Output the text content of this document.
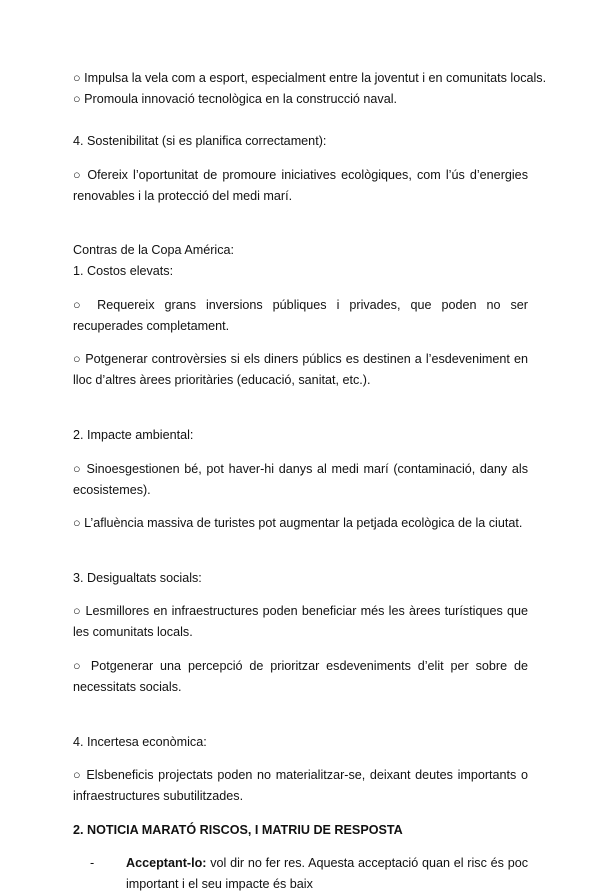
○ Impulsa la vela com a esport, especialment entre la joventut i en comunitats locals.

○ Promoula innovació tecnològica en la construcció naval.

4. Sostenibilitat (si es planifica correctament):

○ Ofereix l’oportunitat de promoure iniciatives ecològiques, com l’ús d’energies renovables i la protecció del medi marí.

Contras de la Copa América:

1. Costos elevats:

○ Requereix grans inversions públiques i privades, que poden no ser recuperades completament.

○ Potgenerar controvèrsies si els diners públics es destinen a l’esdeveniment en lloc d’altres àrees prioritàries (educació, sanitat, etc.).

2. Impacte ambiental:

○ Sinoesgestionen bé, pot haver-hi danys al medi marí (contaminació, dany als ecosistemes).

○ L’afluència massiva de turistes pot augmentar la petjada ecològica de la ciutat.

3. Desigualtats socials:

○ Lesmillores en infraestructures poden beneficiar més les àrees turístiques que les comunitats locals.

○ Potgenerar una percepció de prioritzar esdeveniments d’elit per sobre de necessitats socials.

4. Incertesa econòmica:

○ Elsbeneficis projectats poden no materialitzar-se, deixant deutes importants o infraestructures subutilitzades.

2. NOTICIA MARATÓ RISCOS, I MATRIU DE RESPOSTA

-	Acceptant-lo: vol dir no fer res. Aquesta acceptació quan el risc és poc important i el seu impacte és baix
